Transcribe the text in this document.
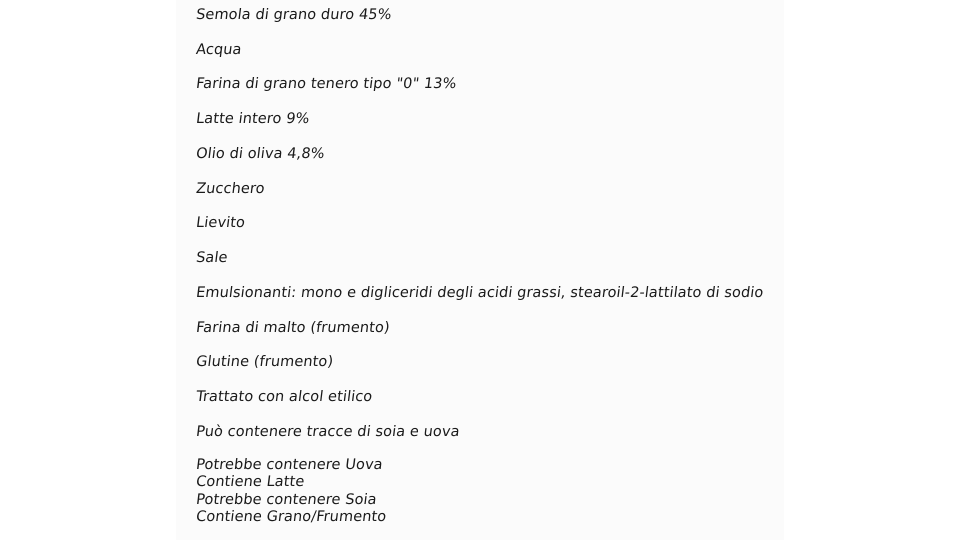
Semola di grano duro 45%
Acqua
Farina di grano tenero tipo "0" 13%
Latte intero 9%
Olio di oliva 4,8%
Zucchero
Lievito
Sale
Emulsionanti: mono e digliceridi degli acidi grassi, stearoil-2-lattilato di sodio
Farina di malto (frumento)
Glutine (frumento)
Trattato con alcol etilico
Può contenere tracce di soia e uova
Potrebbe contenere Uova
Contiene Latte
Potrebbe contenere Soia
Contiene Grano/Frumento
